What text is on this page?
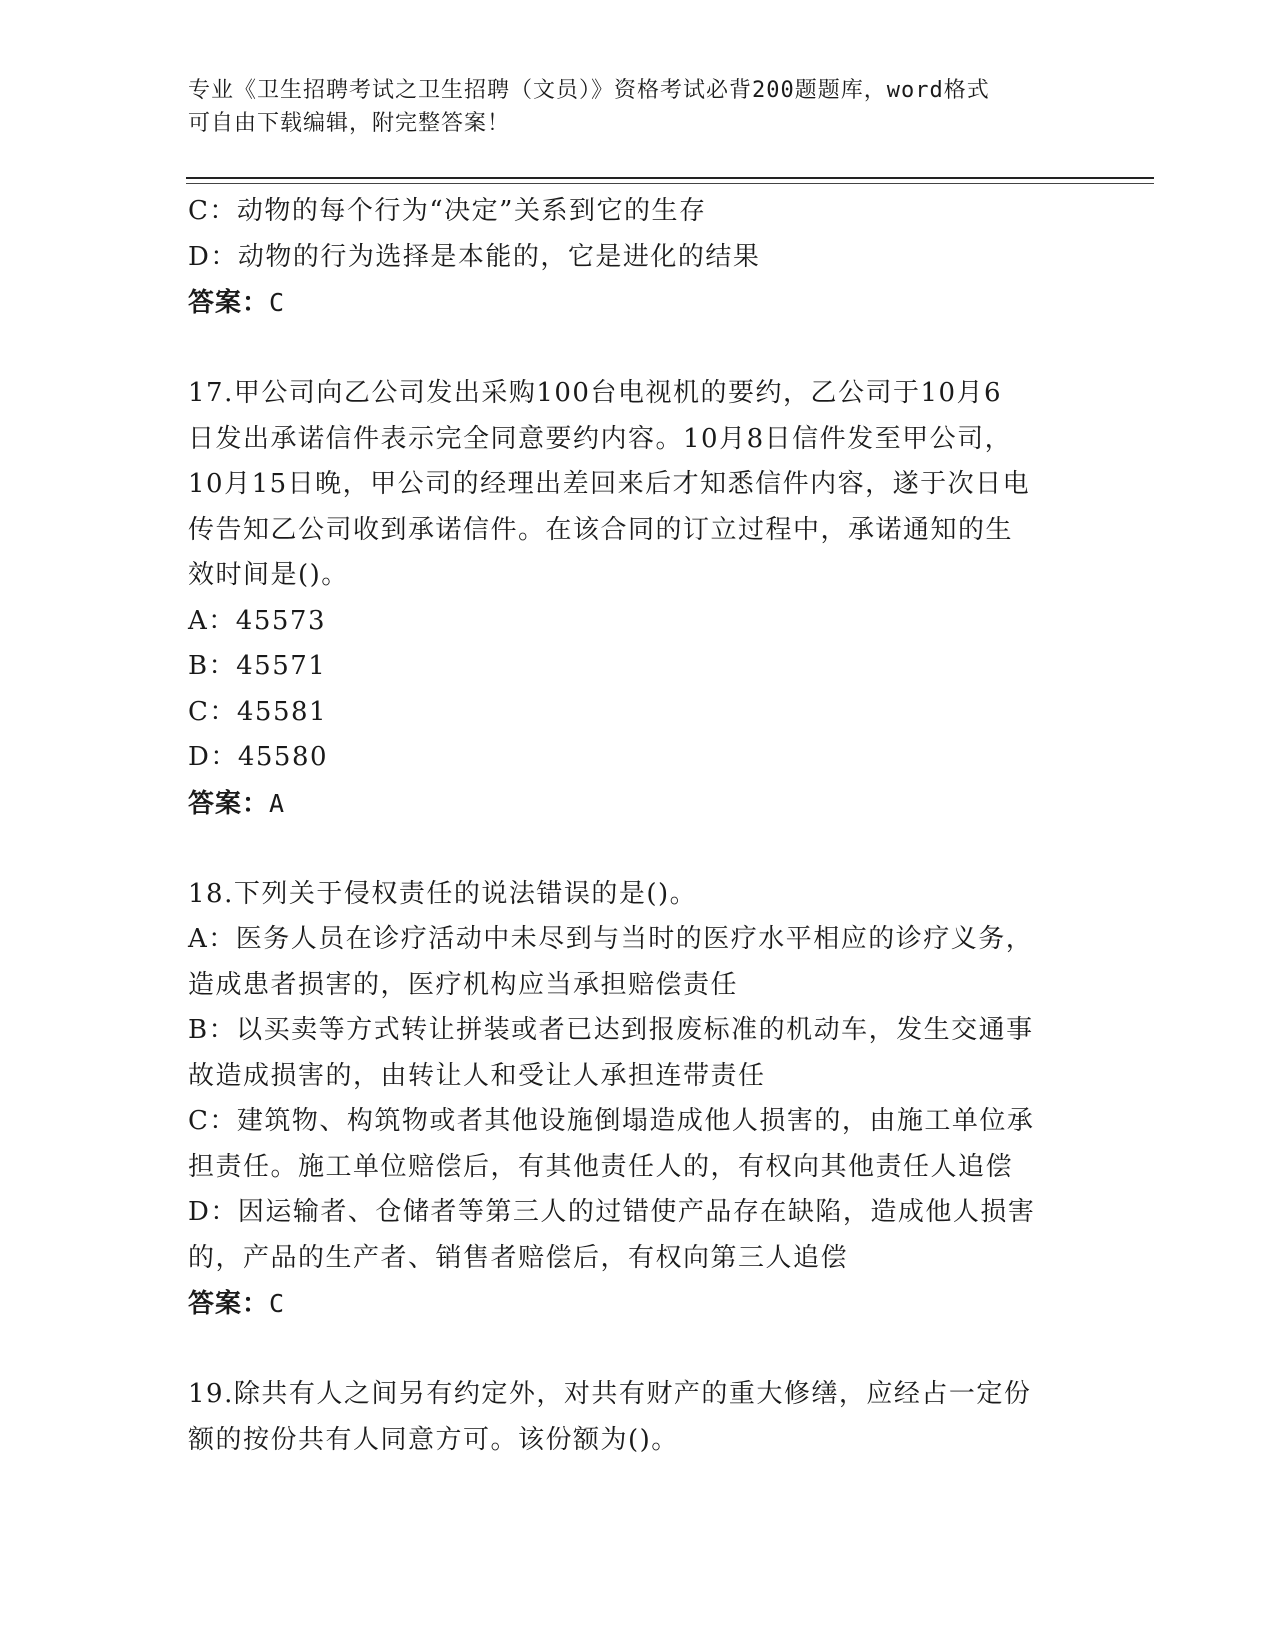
专业《卫生招聘考试之卫生招聘（文员）》资格考试必背200题题库，word格式
可自由下载编辑，附完整答案！
C：动物的每个行为“决定”关系到它的生存
D：动物的行为选择是本能的，它是进化的结果
答案：C
17.甲公司向乙公司发出采购100台电视机的要约，乙公司于10月6
日发出承诺信件表示完全同意要约内容。10月8日信件发至甲公司，
10月15日晚，甲公司的经理出差回来后才知悉信件内容，遂于次日电
传告知乙公司收到承诺信件。在该合同的订立过程中，承诺通知的生
效时间是()。
A：45573
B：45571
C：45581
D：45580
答案：A
18.下列关于侵权责任的说法错误的是()。
A：医务人员在诊疗活动中未尽到与当时的医疗水平相应的诊疗义务，
造成患者损害的，医疗机构应当承担赔偿责任
B：以买卖等方式转让拼装或者已达到报废标准的机动车，发生交通事
故造成损害的，由转让人和受让人承担连带责任
C：建筑物、构筑物或者其他设施倒塌造成他人损害的，由施工单位承
担责任。施工单位赔偿后，有其他责任人的，有权向其他责任人追偿
D：因运输者、仓储者等第三人的过错使产品存在缺陷，造成他人损害
的，产品的生产者、销售者赔偿后，有权向第三人追偿
答案：C
19.除共有人之间另有约定外，对共有财产的重大修缮，应经占一定份
额的按份共有人同意方可。该份额为()。
